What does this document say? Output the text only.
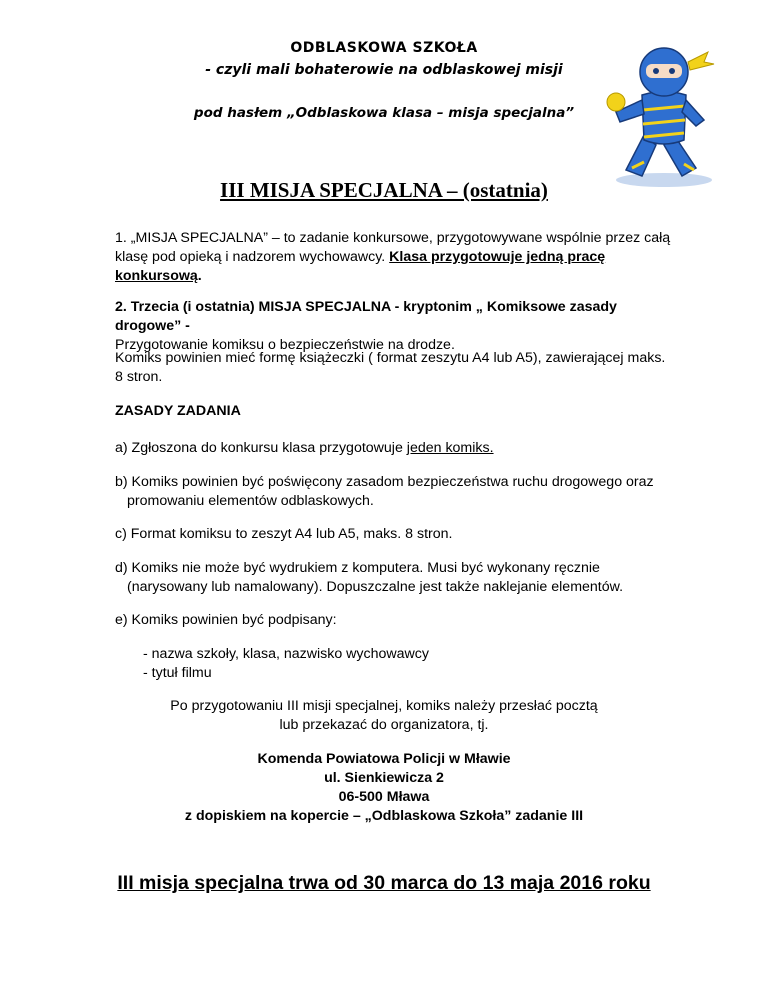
ODBLASKOWA SZKOŁA
- czyli mali bohaterowie na odblaskowej misji
pod hasłem „Odblaskowa klasa – misja specjalna”
III MISJA SPECJALNA – (ostatnia)
1. „MISJA SPECJALNA” – to zadanie konkursowe, przygotowywane wspólnie przez całą klasę pod opieką i nadzorem wychowawcy. Klasa przygotowuje jedną pracę konkursową.
2. Trzecia (i ostatnia) MISJA SPECJALNA - kryptonim „ Komiksowe zasady drogowe” -
Przygotowanie komiksu o bezpieczeństwie na drodze.
Komiks powinien mieć formę książeczki ( format zeszytu A4 lub A5), zawierającej maks. 8 stron.
ZASADY ZADANIA
a) Zgłoszona do konkursu klasa przygotowuje jeden komiks.
b) Komiks powinien być poświęcony zasadom bezpieczeństwa ruchu drogowego oraz
promowaniu elementów odblaskowych.
c) Format komiksu to zeszyt A4 lub A5, maks. 8 stron.
d) Komiks nie może być wydrukiem z komputera. Musi być wykonany ręcznie
(narysowany lub namalowany). Dopuszczalne jest także naklejanie elementów.
e) Komiks powinien być podpisany:
- nazwa szkoły, klasa, nazwisko wychowawcy
- tytuł filmu
Po przygotowaniu III misji specjalnej, komiks należy przesłać pocztą
lub przekazać do organizatora, tj.
Komenda Powiatowa Policji w Mławie
ul. Sienkiewicza 2
06-500 Mława
z dopiskiem na kopercie – „Odblaskowa Szkoła” zadanie III
III misja specjalna trwa od 30 marca do 13 maja 2016 roku
